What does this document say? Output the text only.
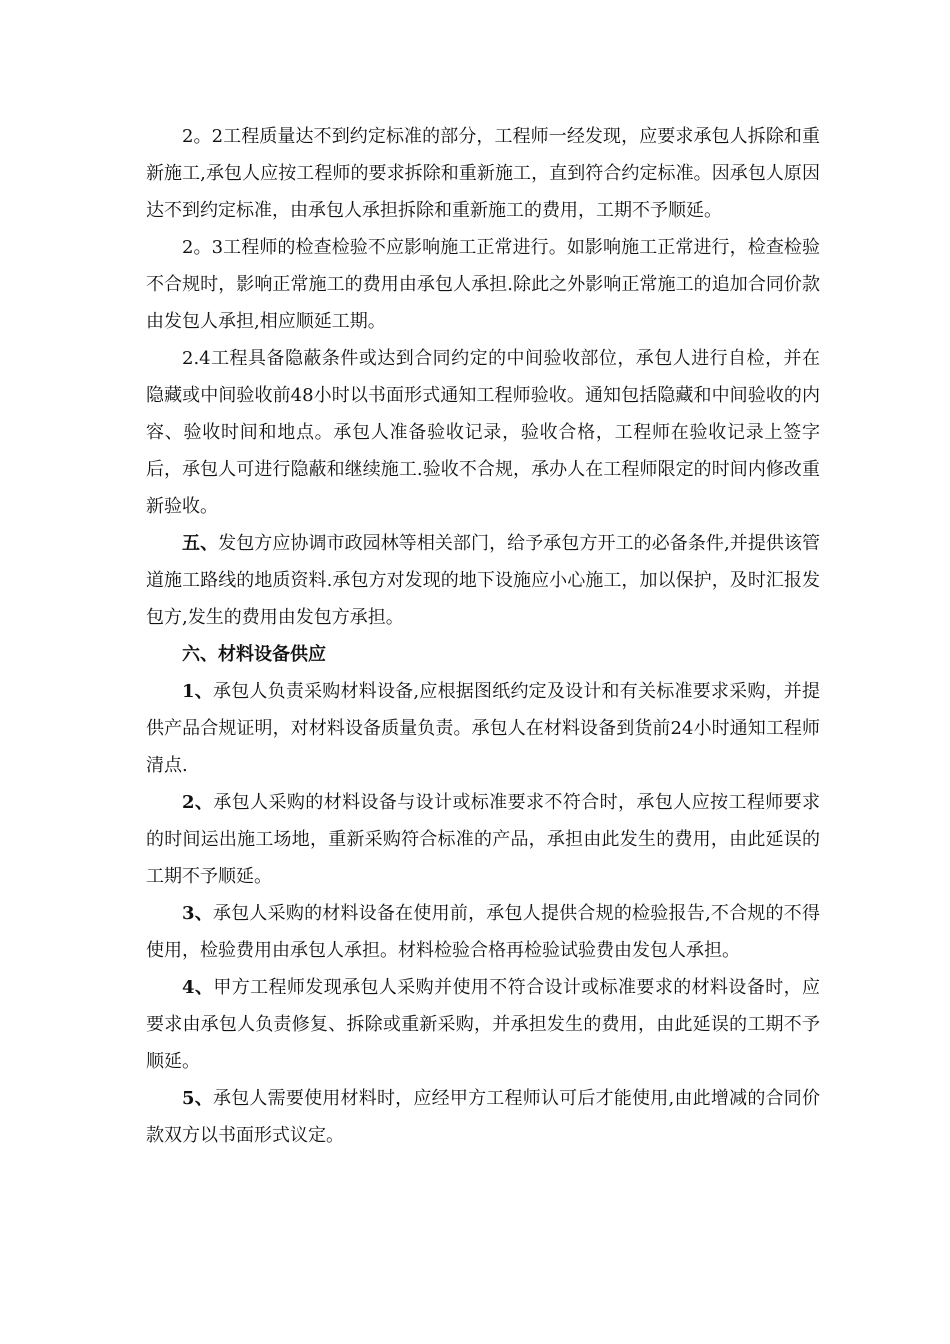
2。2工程质量达不到约定标准的部分，工程师一经发现，应要求承包人拆除和重新施工,承包人应按工程师的要求拆除和重新施工，直到符合约定标准。因承包人原因达不到约定标准，由承包人承担拆除和重新施工的费用，工期不予顺延。

2。3工程师的检查检验不应影响施工正常进行。如影响施工正常进行，检查检验不合规时，影响正常施工的费用由承包人承担.除此之外影响正常施工的追加合同价款由发包人承担,相应顺延工期。

2.4工程具备隐蔽条件或达到合同约定的中间验收部位，承包人进行自检，并在隐藏或中间验收前48小时以书面形式通知工程师验收。通知包括隐藏和中间验收的内容、验收时间和地点。承包人准备验收记录，验收合格，工程师在验收记录上签字后，承包人可进行隐蔽和继续施工.验收不合规，承办人在工程师限定的时间内修改重新验收。

五、发包方应协调市政园林等相关部门，给予承包方开工的必备条件,并提供该管道施工路线的地质资料.承包方对发现的地下设施应小心施工，加以保护，及时汇报发包方,发生的费用由发包方承担。

六、材料设备供应

1、承包人负责采购材料设备,应根据图纸约定及设计和有关标准要求采购，并提供产品合规证明，对材料设备质量负责。承包人在材料设备到货前24小时通知工程师清点.

2、承包人采购的材料设备与设计或标准要求不符合时，承包人应按工程师要求的时间运出施工场地，重新采购符合标准的产品，承担由此发生的费用，由此延误的工期不予顺延。

3、承包人采购的材料设备在使用前，承包人提供合规的检验报告,不合规的不得使用，检验费用由承包人承担。材料检验合格再检验试验费由发包人承担。

4、甲方工程师发现承包人采购并使用不符合设计或标准要求的材料设备时，应要求由承包人负责修复、拆除或重新采购，并承担发生的费用，由此延误的工期不予顺延。

5、承包人需要使用材料时，应经甲方工程师认可后才能使用,由此增减的合同价款双方以书面形式议定。
